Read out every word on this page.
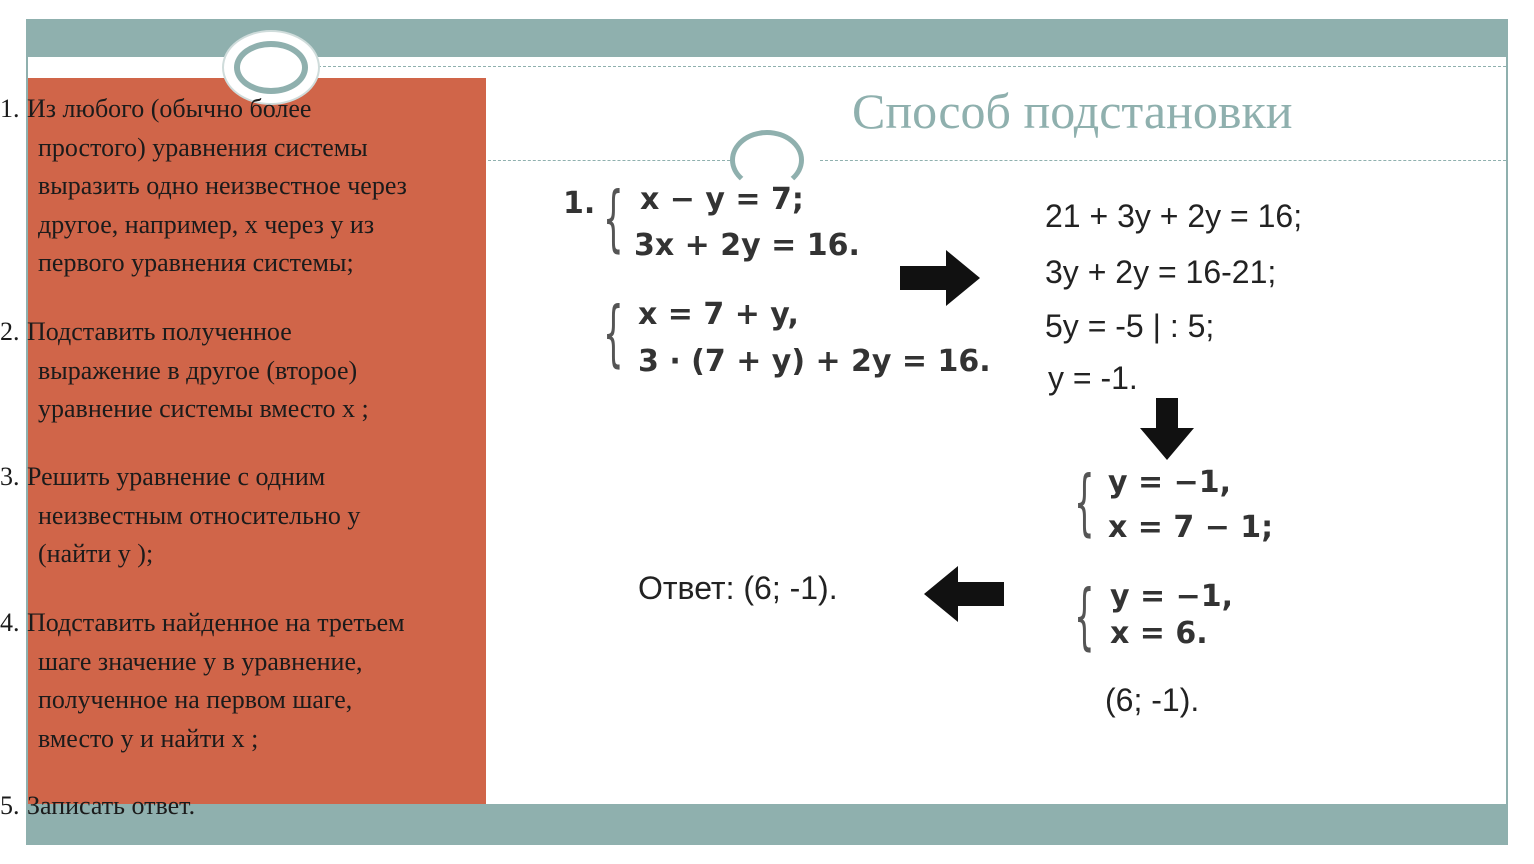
Способ подстановки
1. Из любого (обычно более
простого) уравнения системы
выразить одно неизвестное через
другое, например, х через у из
первого уравнения системы;
2. Подставить полученное
выражение в другое (второе)
уравнение системы вместо х ;
3. Решить уравнение с одним
неизвестным относительно у
(найти у );
4. Подставить найденное на третьем
шаге значение у в уравнение,
полученное на первом шаге,
вместо у и найти х ;
5. Записать ответ.
1. { x − y = 7;
3x + 2y = 16.
{ x = 7 + y,
3 · (7 + y) + 2y = 16.
21 + 3y + 2y = 16;
3y + 2y = 16-21;
5y = -5 | : 5;
y = -1.
{ y = −1,
x = 7 − 1;
{ y = −1,
x = 6.
(6; -1).
Ответ: (6; -1).
